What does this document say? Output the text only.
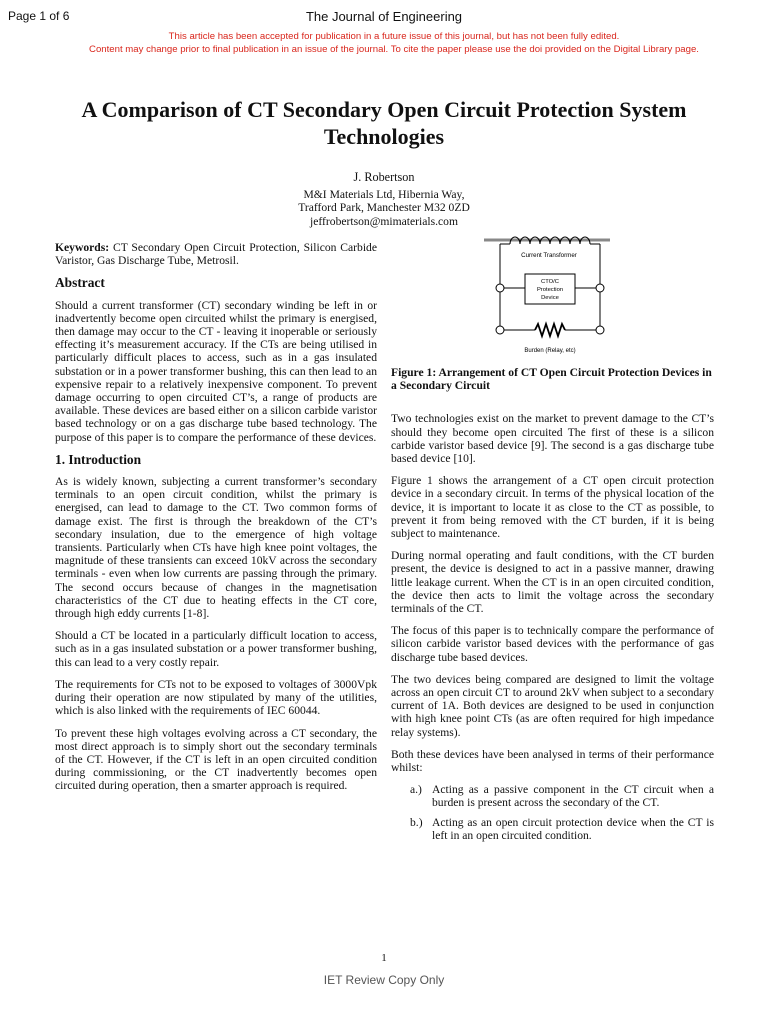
Page 1 of 6	The Journal of Engineering
This article has been accepted for publication in a future issue of this journal, but has not been fully edited.
Content may change prior to final publication in an issue of the journal. To cite the paper please use the doi provided on the Digital Library page.
A Comparison of CT Secondary Open Circuit Protection System
Technologies
J. Robertson
M&I Materials Ltd, Hibernia Way,
Trafford Park, Manchester M32 0ZD
jeffrobertson@mimaterials.com

Keywords: CT Secondary Open Circuit Protection, Silicon Carbide Varistor, Gas Discharge Tube, Metrosil.

Abstract

Should a current transformer (CT) secondary winding be left in or inadvertently become open circuited whilst the primary is energised, then damage may occur to the CT - leaving it inoperable or seriously effecting it’s measurement accuracy. If the CTs are being utilised in particularly difficult places to access, such as in a gas insulated substation or in a power transformer bushing, this can then lead to an expensive repair to a relatively inexpensive component. To prevent damage occurring to open circuited CT’s, a range of products are available. These devices are based either on a silicon carbide varistor based technology or on a gas discharge tube based technology. The purpose of this paper is to compare the performance of these devices.

1. Introduction

As is widely known, subjecting a current transformer’s secondary terminals to an open circuit condition, whilst the primary is energised, can lead to damage to the CT. Two common forms of damage exist. The first is through the breakdown of the CT’s secondary insulation, due to the emergence of high voltage transients. Particularly when CTs have high knee point voltages, the magnitude of these transients can exceed 10kV across the secondary terminals - even when low currents are passing through the primary. The second occurs because of changes in the magnetisation characteristics of the CT due to heating effects in the CT core, through high eddy currents [1-8].

Should a CT be located in a particularly difficult location to access, such as in a gas insulated substation or a power transformer bushing, this can lead to a very costly repair.

The requirements for CTs not to be exposed to voltages of 3000Vpk during their operation are now stipulated by many of the utilities, which is also linked with the requirements of IEC 60044.

To prevent these high voltages evolving across a CT secondary, the most direct approach is to simply short out the secondary terminals of the CT. However, if the CT is left in an open circuited condition during commissioning, or the CT inadvertently becomes open circuited during operation, then a smarter approach is required.

Current Transformer
CTO/C
Protection
Device
Burden (Relay, etc)

Figure 1: Arrangement of CT Open Circuit Protection Devices in a Secondary Circuit

Two technologies exist on the market to prevent damage to the CT’s should they become open circuited The first of these is a silicon carbide varistor based device [9]. The second is a gas discharge tube based device [10].

Figure 1 shows the arrangement of a CT open circuit protection device in a secondary circuit. In terms of the physical location of the device, it is important to locate it as close to the CT as possible, to prevent it from being removed with the CT burden, if it is being subject to maintenance.

During normal operating and fault conditions, with the CT burden present, the device is designed to act in a passive manner, drawing little leakage current. When the CT is in an open circuited condition, the device then acts to limit the voltage across the secondary terminals of the CT.

The focus of this paper is to technically compare the performance of silicon carbide varistor based devices with the performance of gas discharge tube based devices.

The two devices being compared are designed to limit the voltage across an open circuit CT to around 2kV when subject to a secondary current of 1A. Both devices are designed to be used in conjunction with high knee point CTs (as are often required for high impedance relay systems).

Both these devices have been analysed in terms of their performance whilst:

a.) Acting as a passive component in the CT circuit when a burden is present across the secondary of the CT.
b.) Acting as an open circuit protection device when the CT is left in an open circuited condition.
1
IET Review Copy Only
